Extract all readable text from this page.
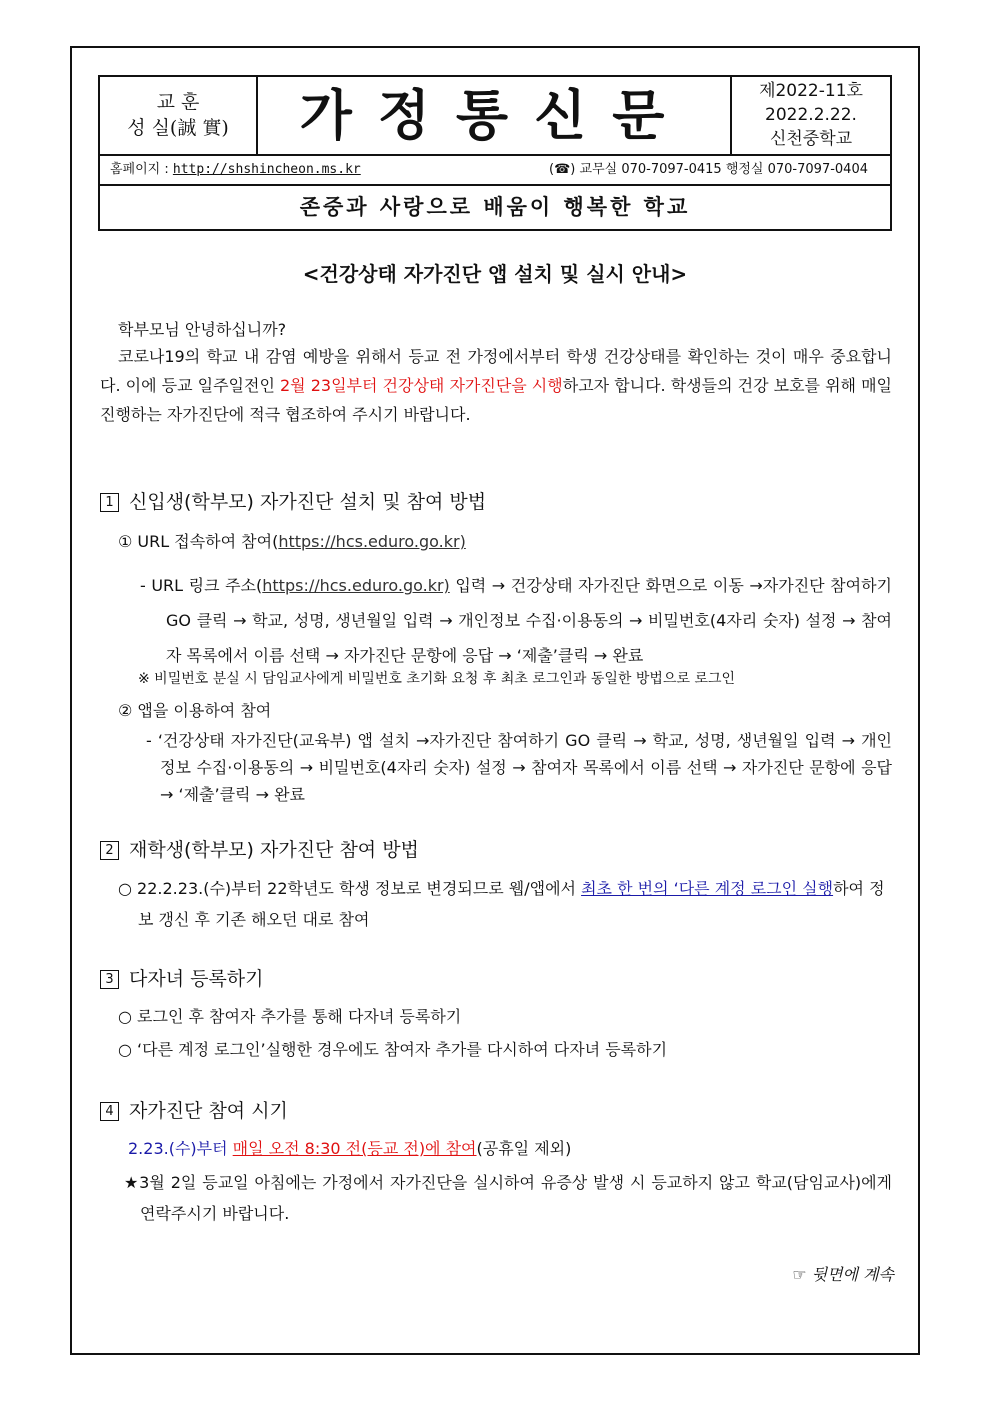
교 훈
성 실(誠 實)	가정통신문	제2022-11호
2022.2.22.
신천중학교
홈페이지 : http://shshincheon.ms.kr	(☎) 교무실 070-7097-0415 행정실 070-7097-0404
존중과 사랑으로 배움이 행복한 학교
<건강상태 자가진단 앱 설치 및 실시 안내>
학부모님 안녕하십니까?
코로나19의 학교 내 감염 예방을 위해서 등교 전 가정에서부터 학생 건강상태를 확인하는 것이 매우 중요합니다. 이에 등교 일주일전인 2월 23일부터 건강상태 자가진단을 시행하고자 합니다. 학생들의 건강 보호를 위해 매일 진행하는 자가진단에 적극 협조하여 주시기 바랍니다.
1 신입생(학부모) 자가진단 설치 및 참여 방법
① URL 접속하여 참여(https://hcs.eduro.go.kr)
- URL 링크 주소(https://hcs.eduro.go.kr) 입력 → 건강상태 자가진단 화면으로 이동 →자가진단 참여하기 GO 클릭 → 학교, 성명, 생년월일 입력 → 개인정보 수집·이용동의 → 비밀번호(4자리 숫자) 설정 → 참여자 목록에서 이름 선택 → 자가진단 문항에 응답 → ‘제출’클릭 → 완료
※ 비밀번호 분실 시 담임교사에게 비밀번호 초기화 요청 후 최초 로그인과 동일한 방법으로 로그인
② 앱을 이용하여 참여
- ‘건강상태 자가진단(교육부) 앱 설치 →자가진단 참여하기 GO 클릭 → 학교, 성명, 생년월일 입력 → 개인정보 수집·이용동의 → 비밀번호(4자리 숫자) 설정 → 참여자 목록에서 이름 선택 → 자가진단 문항에 응답 → ‘제출’클릭 → 완료
2 재학생(학부모) 자가진단 참여 방법
○ 22.2.23.(수)부터 22학년도 학생 정보로 변경되므로 웹/앱에서 최초 한 번의 ‘다른 계정 로그인 실행하여 정보 갱신 후 기존 해오던 대로 참여
3 다자녀 등록하기
○ 로그인 후 참여자 추가를 통해 다자녀 등록하기
○ ‘다른 계정 로그인’실행한 경우에도 참여자 추가를 다시하여 다자녀 등록하기
4 자가진단 참여 시기
2.23.(수)부터 매일 오전 8:30 전(등교 전)에 참여(공휴일 제외)
★3월 2일 등교일 아침에는 가정에서 자가진단을 실시하여 유증상 발생 시 등교하지 않고 학교(담임교사)에게 연락주시기 바랍니다.
☞ 뒷면에 계속
